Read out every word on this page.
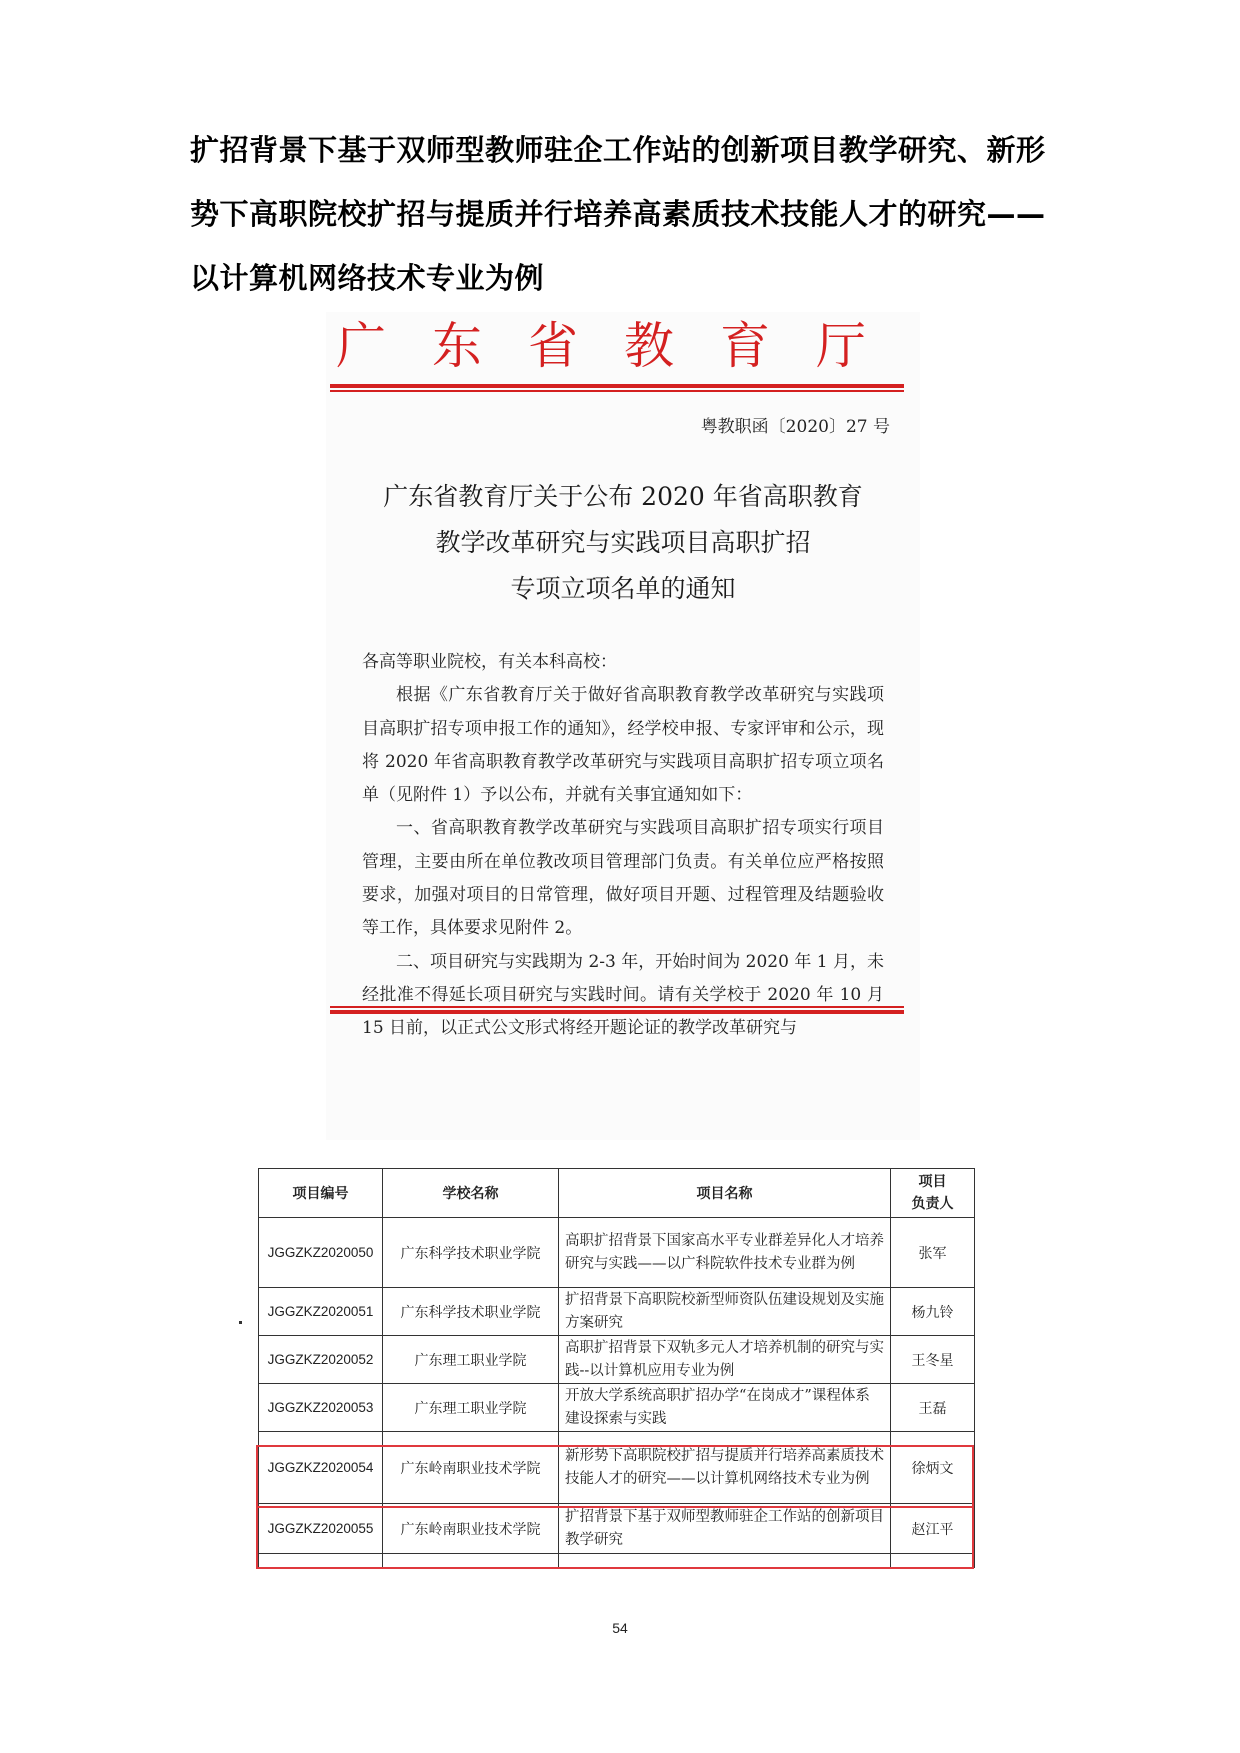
扩招背景下基于双师型教师驻企工作站的创新项目教学研究、新形势下高职院校扩招与提质并行培养高素质技术技能人才的研究——以计算机网络技术专业为例
广 东 省 教 育 厅
粤教职函〔2020〕27 号
广东省教育厅关于公布 2020 年省高职教育
教学改革研究与实践项目高职扩招
专项立项名单的通知

各高等职业院校，有关本科高校：

根据《广东省教育厅关于做好省高职教育教学改革研究与实践项目高职扩招专项申报工作的通知》，经学校申报、专家评审和公示，现将 2020 年省高职教育教学改革研究与实践项目高职扩招专项立项名单（见附件 1）予以公布，并就有关事宜通知如下：

一、省高职教育教学改革研究与实践项目高职扩招专项实行项目管理，主要由所在单位教改项目管理部门负责。有关单位应严格按照要求，加强对项目的日常管理，做好项目开题、过程管理及结题验收等工作，具体要求见附件 2。

二、项目研究与实践期为 2-3 年，开始时间为 2020 年 1 月，未经批准不得延长项目研究与实践时间。请有关学校于 2020 年 10 月 15 日前，以正式公文形式将经开题论证的教学改革研究与

项目编号	学校名称	项目名称	项目
负责人
JGGZKZ2020050	广东科学技术职业学院	高职扩招背景下国家高水平专业群差异化人才培养研究与实践——以广科院软件技术专业群为例	张军
JGGZKZ2020051	广东科学技术职业学院	扩招背景下高职院校新型师资队伍建设规划及实施方案研究	杨九铃
JGGZKZ2020052	广东理工职业学院	高职扩招背景下双轨多元人才培养机制的研究与实践--以计算机应用专业为例	王冬星
JGGZKZ2020053	广东理工职业学院	开放大学系统高职扩招办学“在岗成才”课程体系建设探索与实践	王磊
JGGZKZ2020054	广东岭南职业技术学院	新形势下高职院校扩招与提质并行培养高素质技术技能人才的研究——以计算机网络技术专业为例	徐炳文
JGGZKZ2020055	广东岭南职业技术学院	扩招背景下基于双师型教师驻企工作站的创新项目教学研究	赵江平

54
